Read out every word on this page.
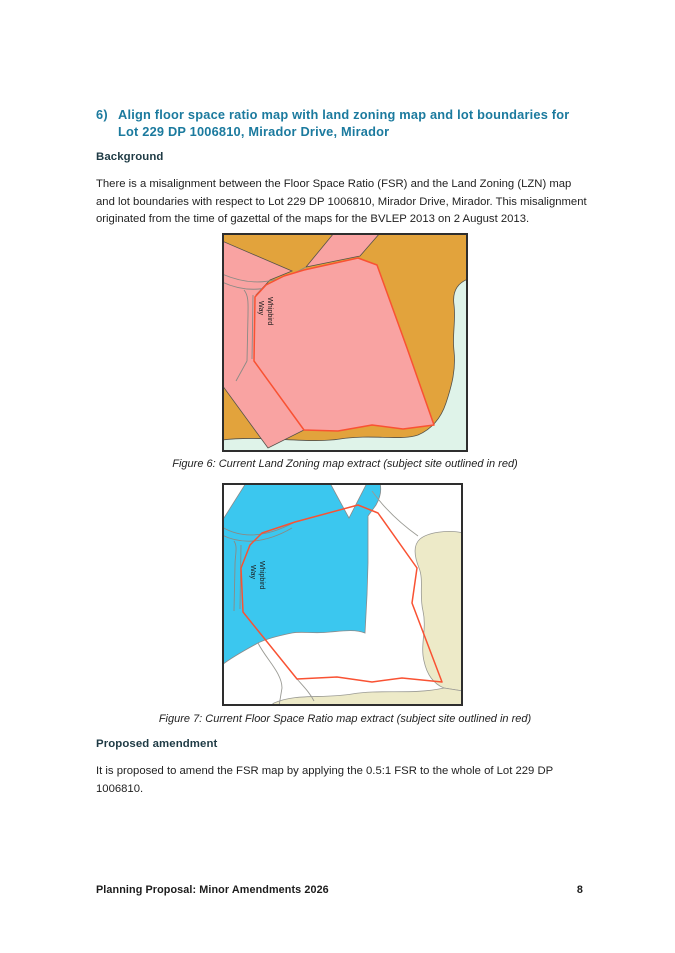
6) Align floor space ratio map with land zoning map and lot boundaries for Lot 229 DP 1006810, Mirador Drive, Mirador
Background
There is a misalignment between the Floor Space Ratio (FSR) and the Land Zoning (LZN) map and lot boundaries with respect to Lot 229 DP 1006810, Mirador Drive, Mirador. This misalignment originated from the time of gazettal of the maps for the BVLEP 2013 on 2 August 2013.
Whipbird Way
Figure 6: Current Land Zoning map extract (subject site outlined in red)
Whipbird Way
Figure 7: Current Floor Space Ratio map extract (subject site outlined in red)
Proposed amendment
It is proposed to amend the FSR map by applying the 0.5:1 FSR to the whole of Lot 229 DP 1006810.
Planning Proposal: Minor Amendments 2026	8
